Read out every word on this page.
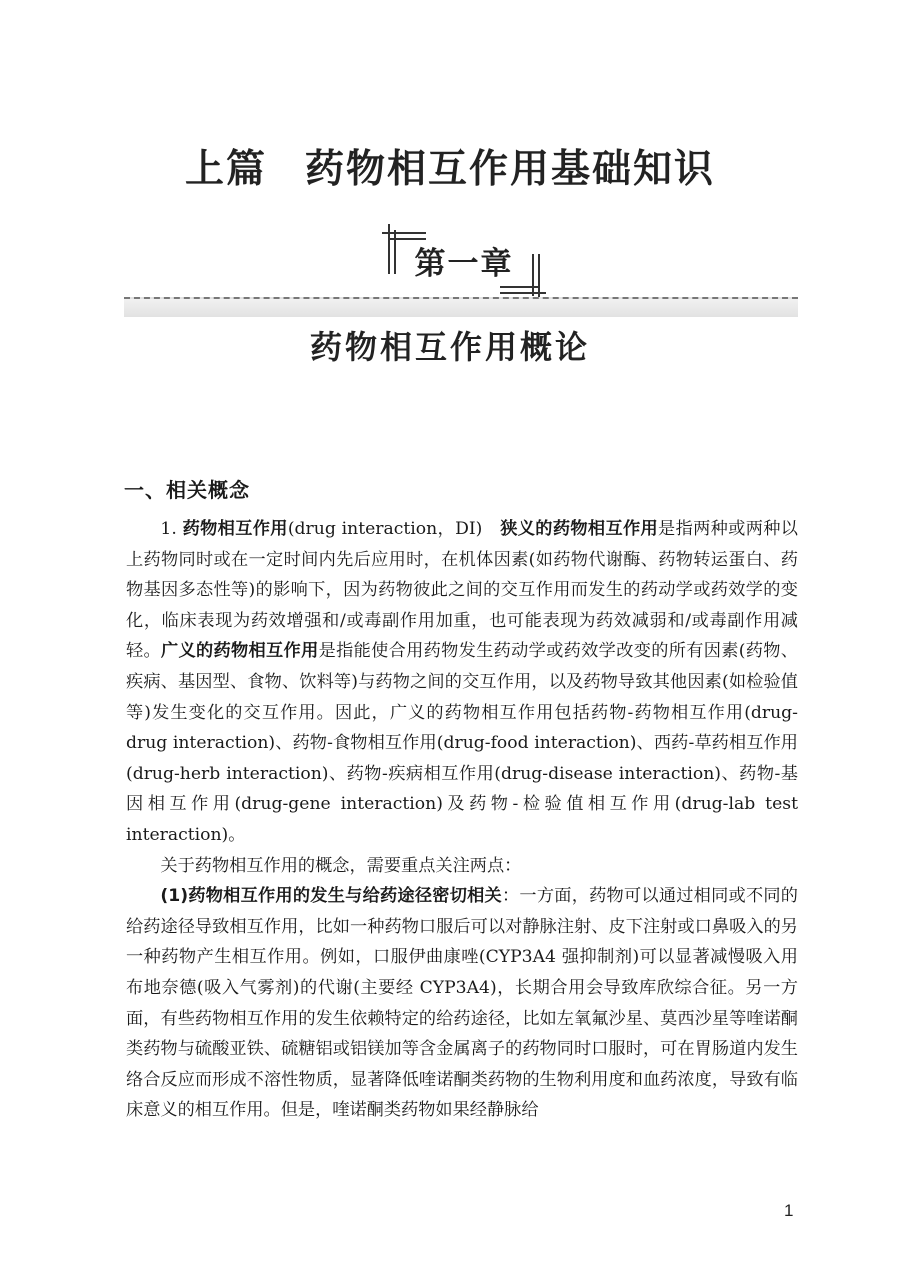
上篇 药物相互作用基础知识
第一章
药物相互作用概论
一、相关概念

1. 药物相互作用(drug interaction，DI)　狭义的药物相互作用是指两种或两种以上药物同时或在一定时间内先后应用时，在机体因素(如药物代谢酶、药物转运蛋白、药物基因多态性等)的影响下，因为药物彼此之间的交互作用而发生的药动学或药效学的变化，临床表现为药效增强和/或毒副作用加重，也可能表现为药效减弱和/或毒副作用减轻。广义的药物相互作用是指能使合用药物发生药动学或药效学改变的所有因素(药物、疾病、基因型、食物、饮料等)与药物之间的交互作用，以及药物导致其他因素(如检验值等)发生变化的交互作用。因此，广义的药物相互作用包括药物-药物相互作用(drug-drug interaction)、药物-食物相互作用(drug-food interaction)、西药-草药相互作用(drug-herb interaction)、药物-疾病相互作用(drug-disease interaction)、药物-基因相互作用(drug-gene interaction)及药物-检验值相互作用(drug-lab test interaction)。

关于药物相互作用的概念，需要重点关注两点：

(1)药物相互作用的发生与给药途径密切相关：一方面，药物可以通过相同或不同的给药途径导致相互作用，比如一种药物口服后可以对静脉注射、皮下注射或口鼻吸入的另一种药物产生相互作用。例如，口服伊曲康唑(CYP3A4 强抑制剂)可以显著减慢吸入用布地奈德(吸入气雾剂)的代谢(主要经 CYP3A4)，长期合用会导致库欣综合征。另一方面，有些药物相互作用的发生依赖特定的给药途径，比如左氧氟沙星、莫西沙星等喹诺酮类药物与硫酸亚铁、硫糖铝或铝镁加等含金属离子的药物同时口服时，可在胃肠道内发生络合反应而形成不溶性物质，显著降低喹诺酮类药物的生物利用度和血药浓度，导致有临床意义的相互作用。但是，喹诺酮类药物如果经静脉给

1
